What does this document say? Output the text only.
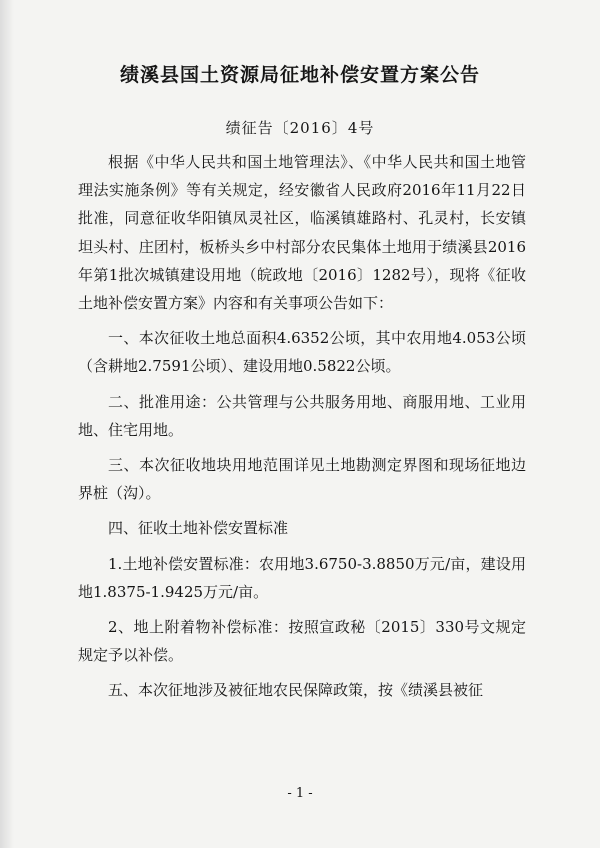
绩溪县国土资源局征地补偿安置方案公告

绩征告〔2016〕4号

根据《中华人民共和国土地管理法》、《中华人民共和国土地管理法实施条例》等有关规定，经安徽省人民政府2016年11月22日批准，同意征收华阳镇凤灵社区，临溪镇雄路村、孔灵村，长安镇坦头村、庄团村，板桥头乡中村部分农民集体土地用于绩溪县2016年第1批次城镇建设用地（皖政地〔2016〕1282号），现将《征收土地补偿安置方案》内容和有关事项公告如下：

一、本次征收土地总面积4.6352公顷，其中农用地4.053公顷（含耕地2.7591公顷）、建设用地0.5822公顷。

二、批准用途：公共管理与公共服务用地、商服用地、工业用地、住宅用地。

三、本次征收地块用地范围详见土地勘测定界图和现场征地边界桩（沟）。

四、征收土地补偿安置标准

1.土地补偿安置标准：农用地3.6750-3.8850万元/亩，建设用地1.8375-1.9425万元/亩。

2、地上附着物补偿标准：按照宣政秘〔2015〕330号文规定规定予以补偿。

五、本次征地涉及被征地农民保障政策，按《绩溪县被征

- 1 -
